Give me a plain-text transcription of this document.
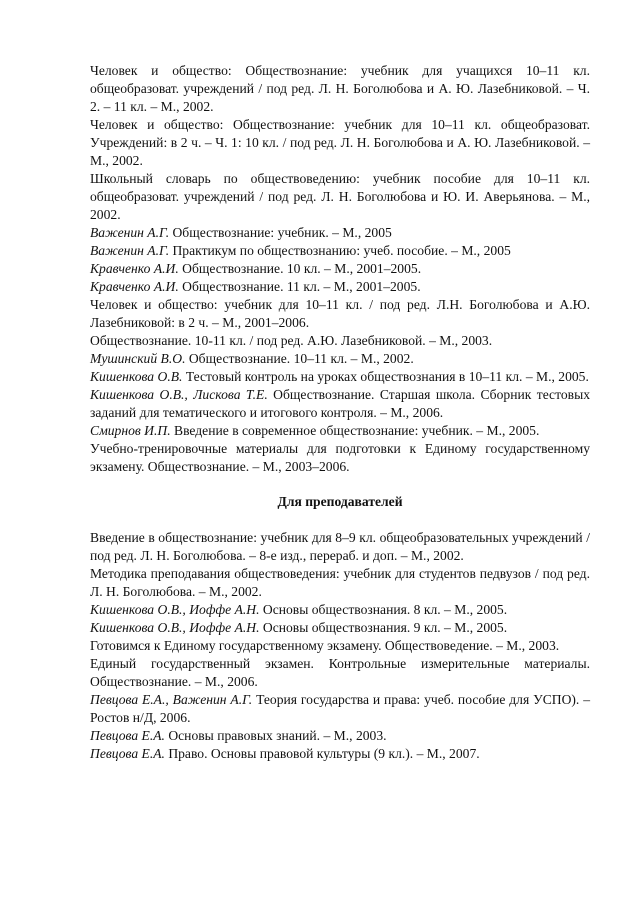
Человек и общество: Обществознание: учебник для учащихся 10–11 кл. общеобразоват. учреждений / под ред. Л. Н. Боголюбова и А. Ю. Лазебниковой. – Ч. 2. – 11 кл. – М., 2002.

Человек и общество: Обществознание: учебник для 10–11 кл. общеобразоват. Учреждений: в 2 ч. – Ч. 1: 10 кл. / под ред. Л. Н. Боголюбова и А. Ю. Лазебниковой. – М., 2002.

Школьный словарь по обществоведению: учебник пособие для 10–11 кл. общеобразоват. учреждений / под ред. Л. Н. Боголюбова и Ю. И. Аверьянова. – М., 2002.

Важенин А.Г. Обществознание: учебник. – М., 2005

Важенин А.Г. Практикум по обществознанию: учеб. пособие. – М., 2005

Кравченко А.И. Обществознание. 10 кл. – М., 2001–2005.

Кравченко А.И. Обществознание. 11 кл. – М., 2001–2005.

Человек и общество: учебник для 10–11 кл. / под ред. Л.Н. Боголюбова и А.Ю. Лазебниковой: в 2 ч. – М., 2001–2006.

Обществознание. 10-11 кл. / под ред. А.Ю. Лазебниковой. – М., 2003.

Мушинский В.О. Обществознание. 10–11 кл. – М., 2002.

Кишенкова О.В. Тестовый контроль на уроках обществознания в 10–11 кл. – М., 2005.

Кишенкова О.В., Лискова Т.Е. Обществознание. Старшая школа. Сборник тестовых заданий для тематического и итогового контроля. – М., 2006.

Смирнов И.П. Введение в современное обществознание: учебник. – М., 2005.

Учебно-тренировочные материалы для подготовки к Единому государственному экзамену. Обществознание. – М., 2003–2006.

Для преподавателей

Введение в обществознание: учебник для 8–9 кл. общеобразовательных учреждений / под ред. Л. Н. Боголюбова. – 8-е изд., перераб. и доп. – М., 2002.

Методика преподавания обществоведения: учебник для студентов педвузов / под ред. Л. Н. Боголюбова. – М., 2002.

Кишенкова О.В., Иоффе А.Н. Основы обществознания. 8 кл. – М., 2005.

Кишенкова О.В., Иоффе А.Н. Основы обществознания. 9 кл. – М., 2005.

Готовимся к Единому государственному экзамену. Обществоведение. – М., 2003.

Единый государственный экзамен. Контрольные измерительные материалы. Обществознание. – М., 2006.

Певцова Е.А., Важенин А.Г. Теория государства и права: учеб. пособие для УСПО). – Ростов н/Д, 2006.

Певцова Е.А. Основы правовых знаний. – М., 2003.

Певцова Е.А. Право. Основы правовой культуры (9 кл.). – М., 2007.
